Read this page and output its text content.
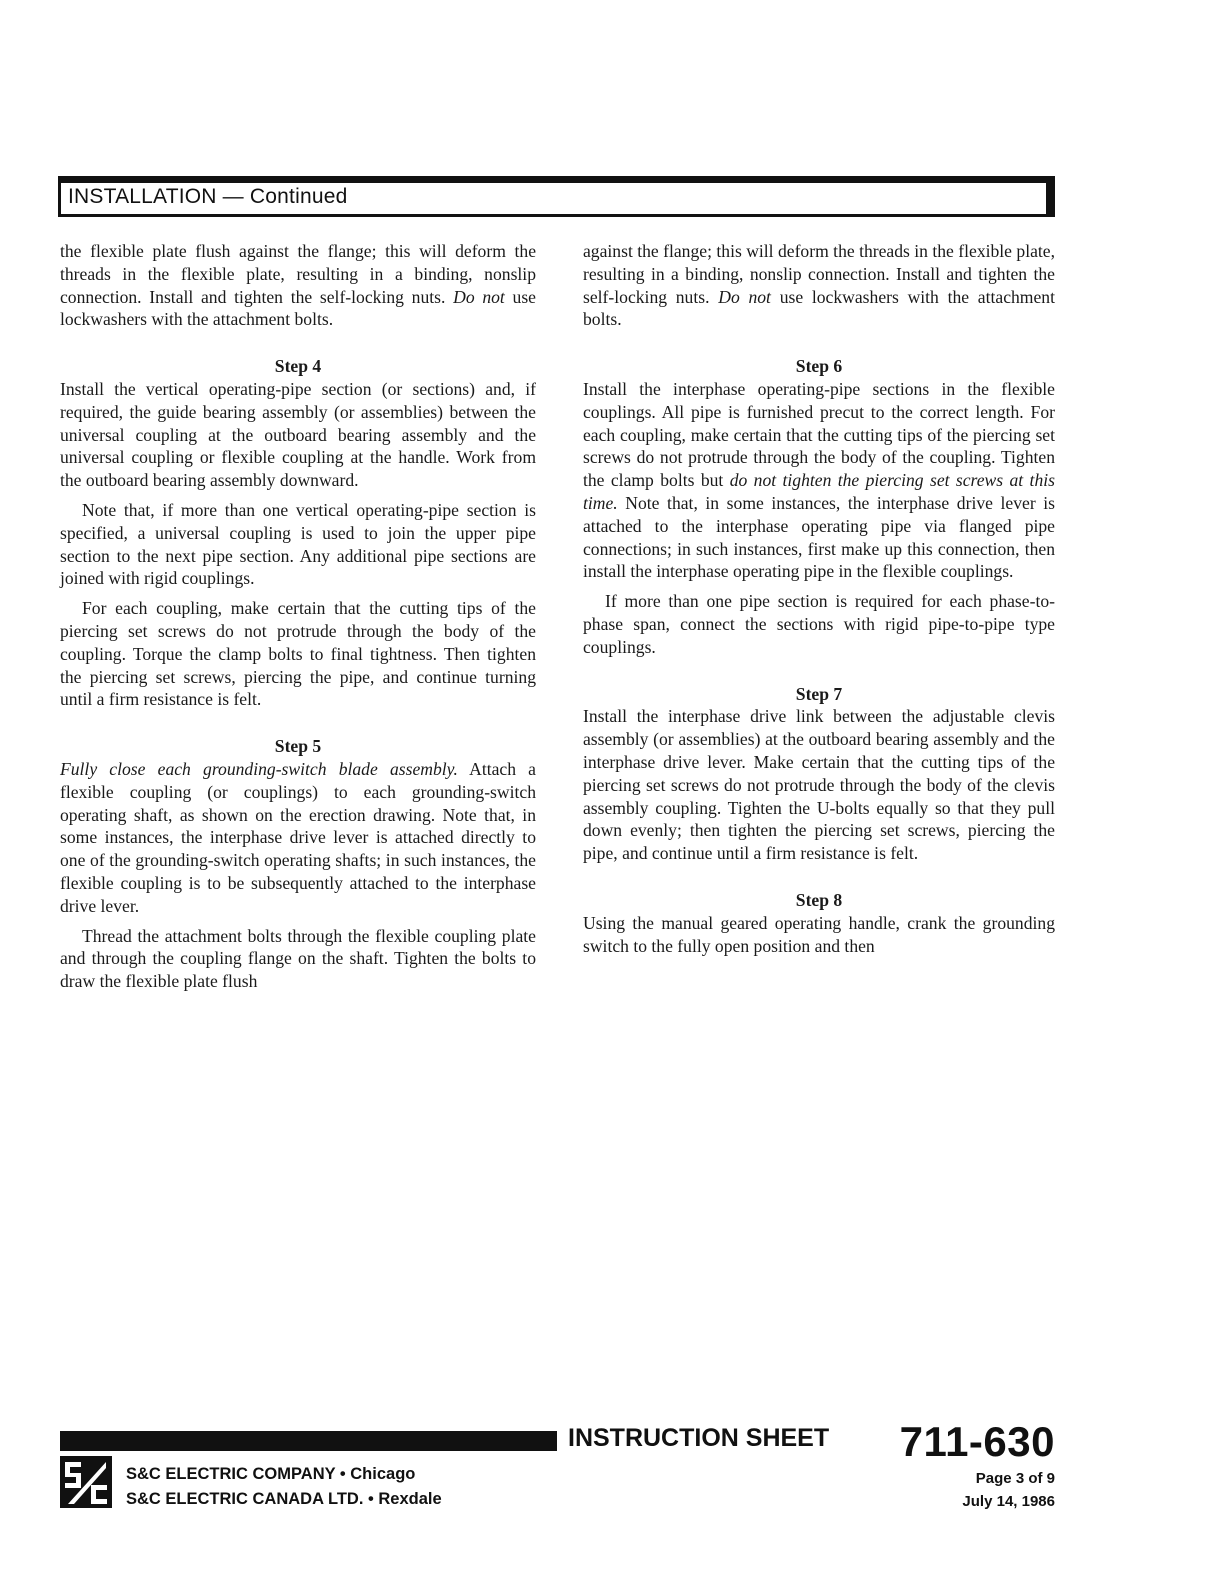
INSTALLATION — Continued

the flexible plate flush against the flange; this will deform the threads in the flexible plate, resulting in a binding, nonslip connection. Install and tighten the self-locking nuts. Do not use lockwashers with the attachment bolts.

Step 4

Install the vertical operating-pipe section (or sections) and, if required, the guide bearing assembly (or assemblies) between the universal coupling at the outboard bearing assembly and the universal coupling or flexible coupling at the handle. Work from the outboard bearing assembly downward.

Note that, if more than one vertical operating-pipe section is specified, a universal coupling is used to join the upper pipe section to the next pipe section. Any additional pipe sections are joined with rigid couplings.

For each coupling, make certain that the cutting tips of the piercing set screws do not protrude through the body of the coupling. Torque the clamp bolts to final tightness. Then tighten the piercing set screws, piercing the pipe, and continue turning until a firm resistance is felt.

Step 5

Fully close each grounding-switch blade assembly. Attach a flexible coupling (or couplings) to each grounding-switch operating shaft, as shown on the erection drawing. Note that, in some instances, the interphase drive lever is attached directly to one of the grounding-switch operating shafts; in such instances, the flexible coupling is to be subsequently attached to the interphase drive lever.

Thread the attachment bolts through the flexible coupling plate and through the coupling flange on the shaft. Tighten the bolts to draw the flexible plate flush

against the flange; this will deform the threads in the flexible plate, resulting in a binding, nonslip connection. Install and tighten the self-locking nuts. Do not use lockwashers with the attachment bolts.

Step 6

Install the interphase operating-pipe sections in the flexible couplings. All pipe is furnished precut to the correct length. For each coupling, make certain that the cutting tips of the piercing set screws do not protrude through the body of the coupling. Tighten the clamp bolts but do not tighten the piercing set screws at this time. Note that, in some instances, the interphase drive lever is attached to the interphase operating pipe via flanged pipe connections; in such instances, first make up this connection, then install the interphase operating pipe in the flexible couplings.

If more than one pipe section is required for each phase-to-phase span, connect the sections with rigid pipe-to-pipe type couplings.

Step 7

Install the interphase drive link between the adjustable clevis assembly (or assemblies) at the outboard bearing assembly and the interphase drive lever. Make certain that the cutting tips of the piercing set screws do not protrude through the body of the clevis assembly coupling. Tighten the U-bolts equally so that they pull down evenly; then tighten the piercing set screws, piercing the pipe, and continue until a firm resistance is felt.

Step 8

Using the manual geared operating handle, crank the grounding switch to the fully open position and then

INSTRUCTION SHEET 711-630
Page 3 of 9
July 14, 1986
S&C ELECTRIC COMPANY • Chicago
S&C ELECTRIC CANADA LTD. • Rexdale
